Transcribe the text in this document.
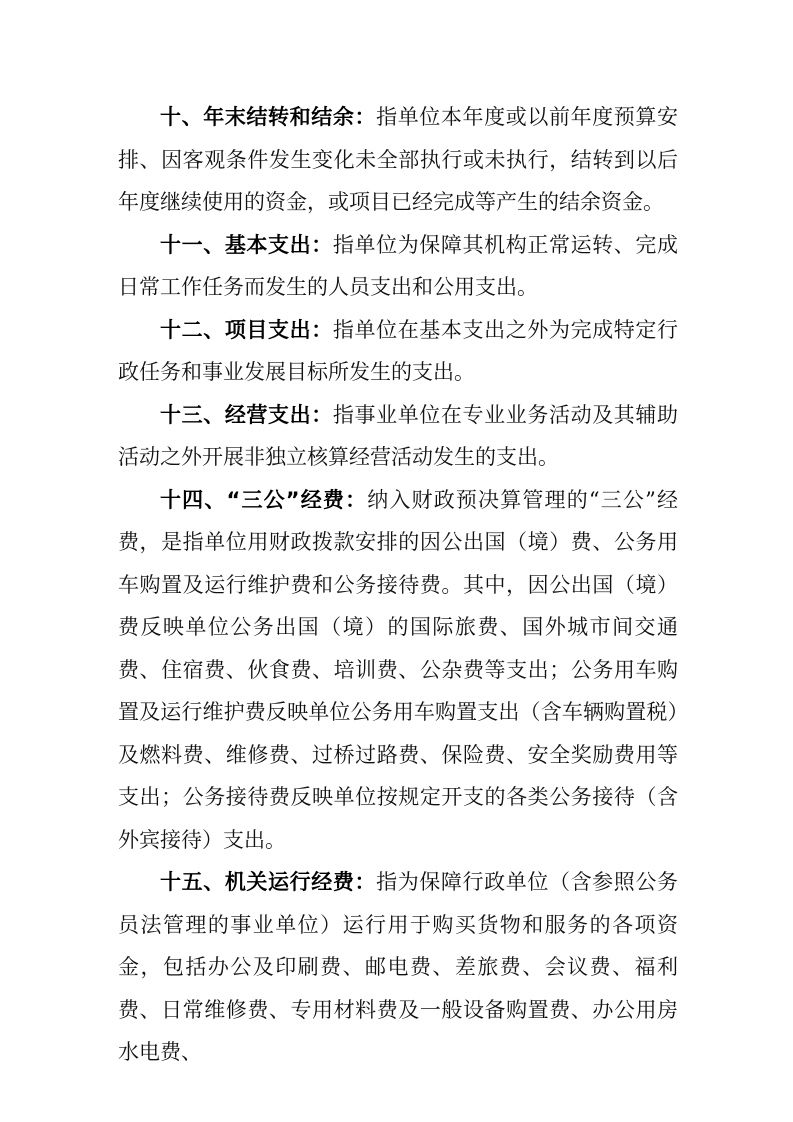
十、年末结转和结余：指单位本年度或以前年度预算安排、因客观条件发生变化未全部执行或未执行，结转到以后年度继续使用的资金，或项目已经完成等产生的结余资金。

十一、基本支出：指单位为保障其机构正常运转、完成日常工作任务而发生的人员支出和公用支出。

十二、项目支出：指单位在基本支出之外为完成特定行政任务和事业发展目标所发生的支出。

十三、经营支出：指事业单位在专业业务活动及其辅助活动之外开展非独立核算经营活动发生的支出。

十四、“三公”经费：纳入财政预决算管理的“三公”经费，是指单位用财政拨款安排的因公出国（境）费、公务用车购置及运行维护费和公务接待费。其中，因公出国（境）费反映单位公务出国（境）的国际旅费、国外城市间交通费、住宿费、伙食费、培训费、公杂费等支出；公务用车购置及运行维护费反映单位公务用车购置支出（含车辆购置税）及燃料费、维修费、过桥过路费、保险费、安全奖励费用等支出；公务接待费反映单位按规定开支的各类公务接待（含外宾接待）支出。

十五、机关运行经费：指为保障行政单位（含参照公务员法管理的事业单位）运行用于购买货物和服务的各项资金，包括办公及印刷费、邮电费、差旅费、会议费、福利费、日常维修费、专用材料费及一般设备购置费、办公用房水电费、
